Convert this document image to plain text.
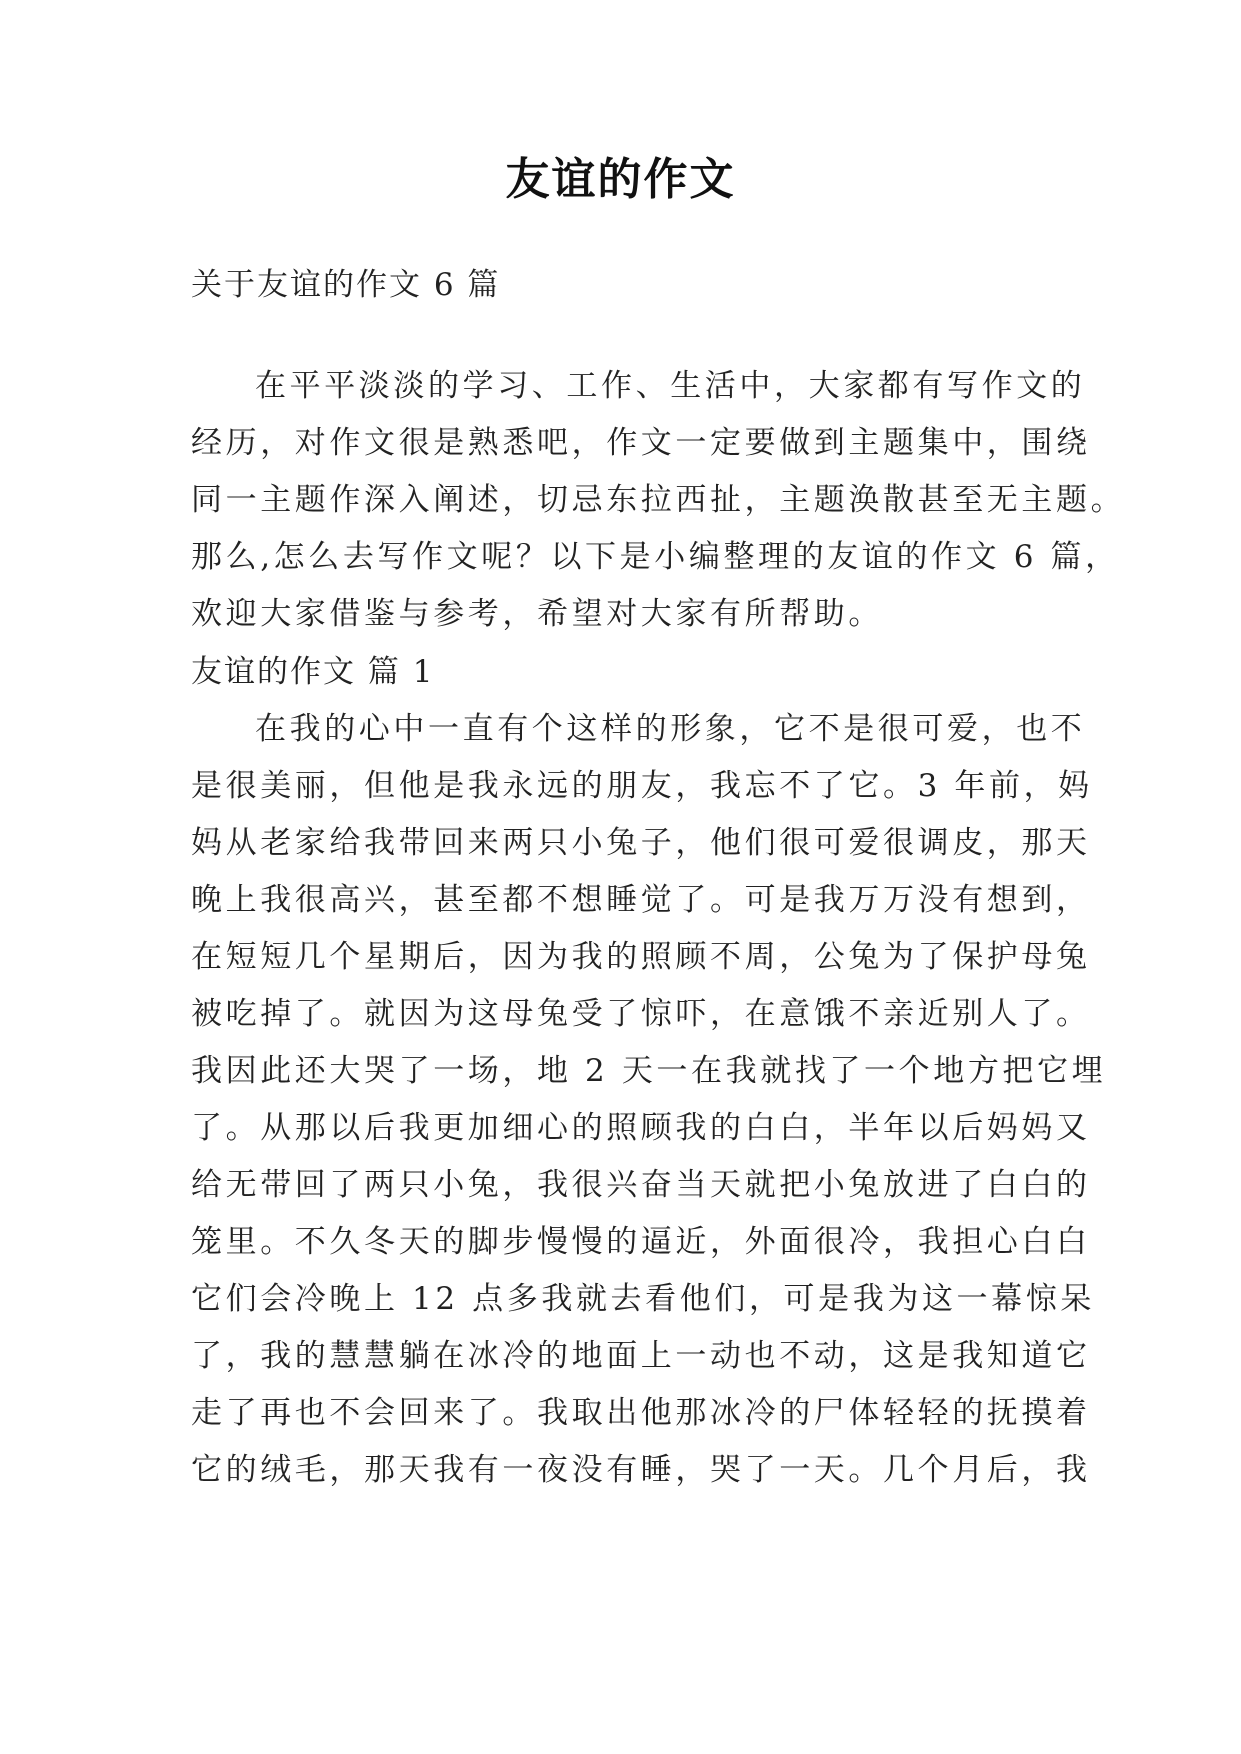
友谊的作文
关于友谊的作文 6 篇
在平平淡淡的学习、工作、生活中，大家都有写作文的
经历，对作文很是熟悉吧，作文一定要做到主题集中，围绕
同一主题作深入阐述，切忌东拉西扯，主题涣散甚至无主题。
那么,怎么去写作文呢？以下是小编整理的友谊的作文 6 篇，
欢迎大家借鉴与参考，希望对大家有所帮助。
友谊的作文 篇 1
在我的心中一直有个这样的形象，它不是很可爱，也不
是很美丽，但他是我永远的朋友，我忘不了它。3 年前，妈
妈从老家给我带回来两只小兔子，他们很可爱很调皮，那天
晚上我很高兴，甚至都不想睡觉了。可是我万万没有想到，
在短短几个星期后，因为我的照顾不周，公兔为了保护母兔
被吃掉了。就因为这母兔受了惊吓，在意饿不亲近别人了。
我因此还大哭了一场，地 2 天一在我就找了一个地方把它埋
了。从那以后我更加细心的照顾我的白白，半年以后妈妈又
给无带回了两只小兔，我很兴奋当天就把小兔放进了白白的
笼里。不久冬天的脚步慢慢的逼近，外面很冷，我担心白白
它们会冷晚上 12 点多我就去看他们，可是我为这一幕惊呆
了，我的慧慧躺在冰冷的地面上一动也不动，这是我知道它
走了再也不会回来了。我取出他那冰冷的尸体轻轻的抚摸着
它的绒毛，那天我有一夜没有睡，哭了一天。几个月后，我
